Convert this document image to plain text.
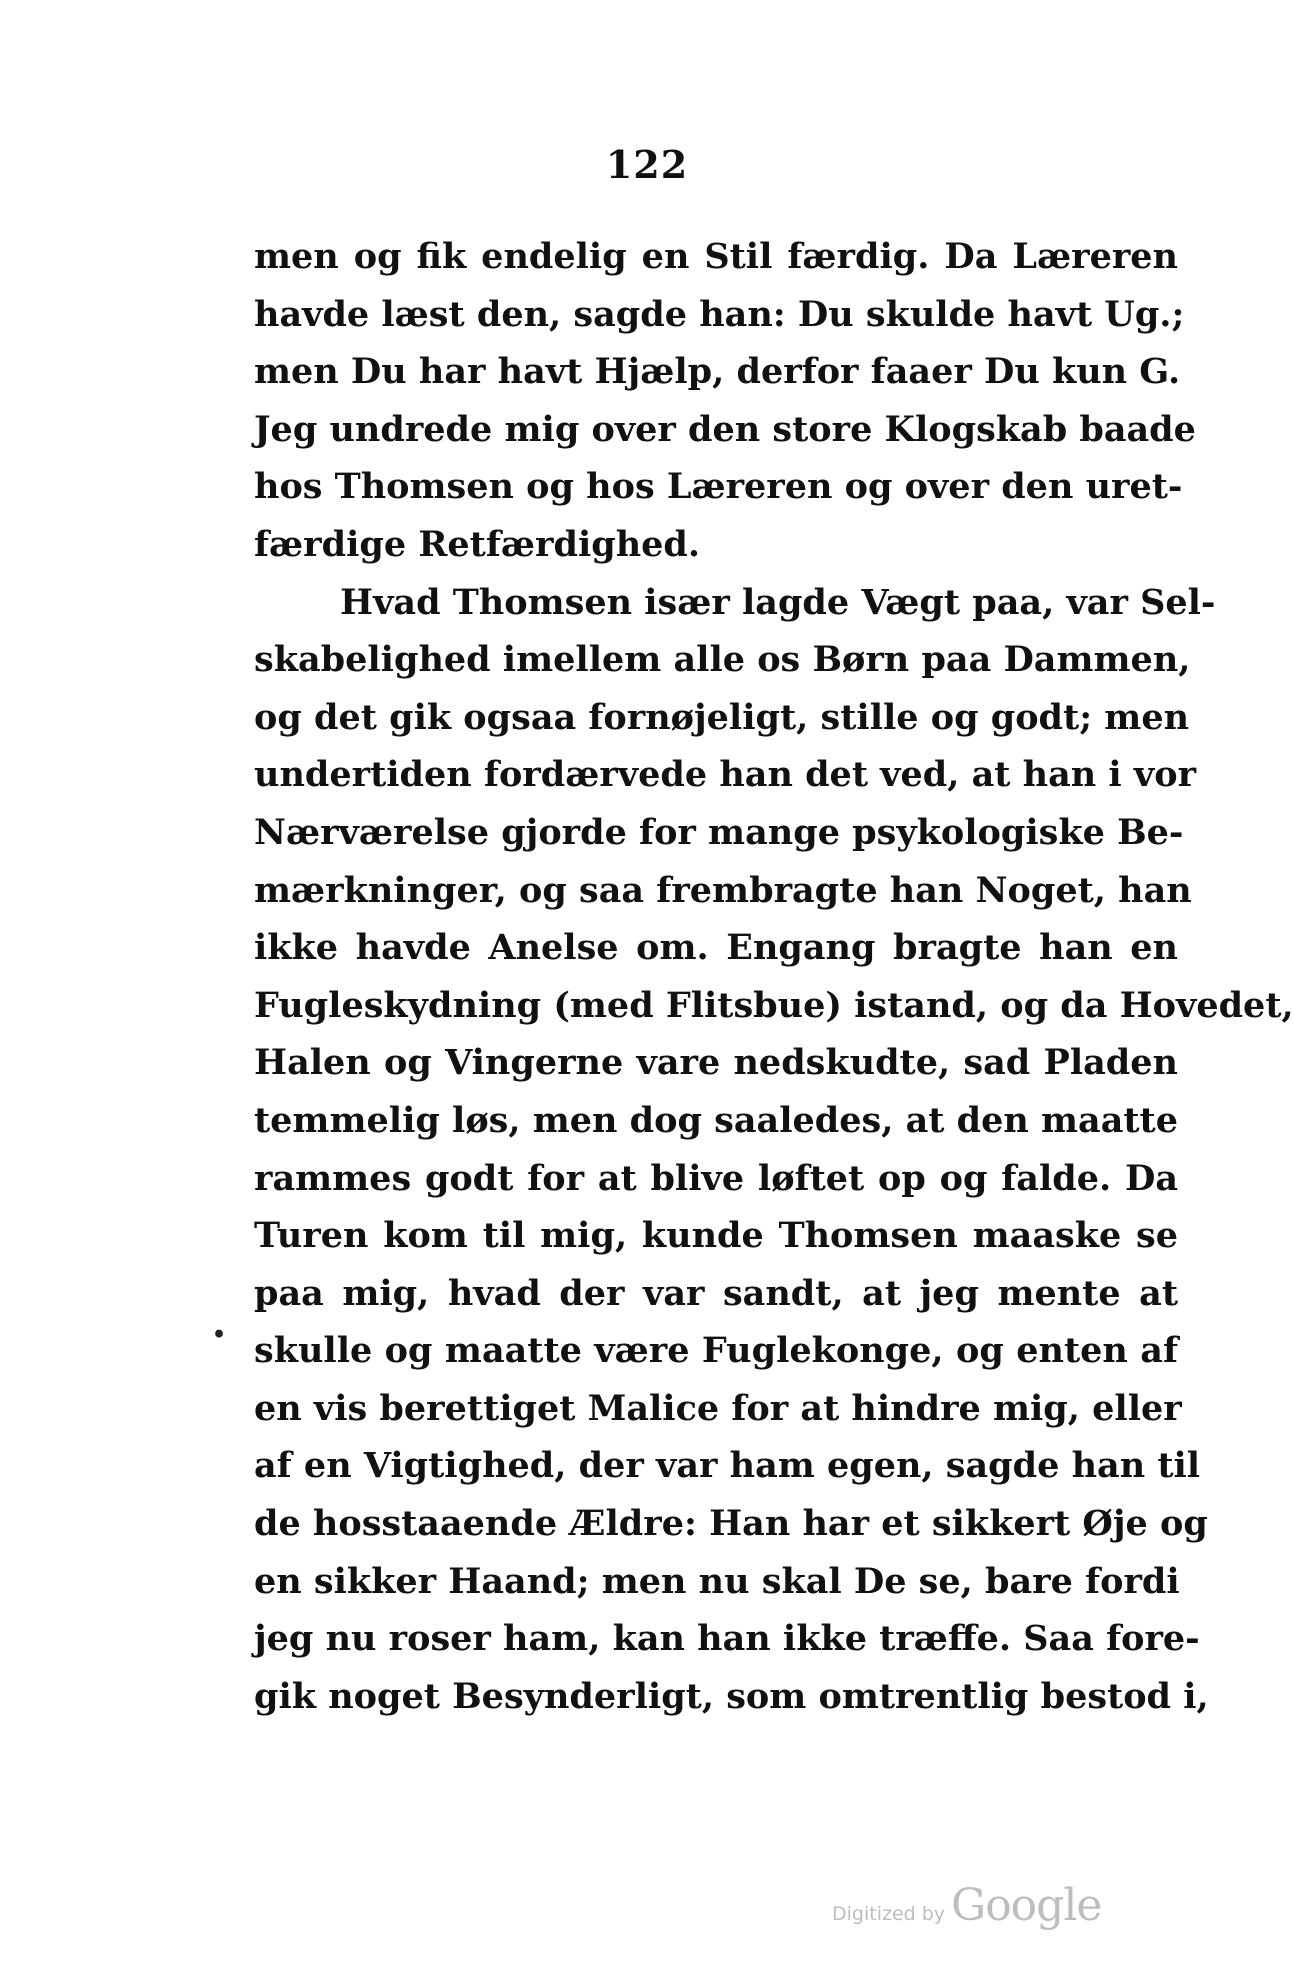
122
men og fik endelig en Stil færdig. Da Læreren
havde læst den, sagde han: Du skulde havt Ug.;
men Du har havt Hjælp, derfor faaer Du kun G.
Jeg undrede mig over den store Klogskab baade
hos Thomsen og hos Læreren og over den uret-
færdige Retfærdighed.
Hvad Thomsen især lagde Vægt paa, var Sel-
skabelighed imellem alle os Børn paa Dammen,
og det gik ogsaa fornøjeligt, stille og godt; men
undertiden fordærvede han det ved, at han i vor
Nærværelse gjorde for mange psykologiske Be-
mærkninger, og saa frembragte han Noget, han
ikke havde Anelse om. Engang bragte han en
Fugleskydning (med Flitsbue) istand, og da Hovedet,
Halen og Vingerne vare nedskudte, sad Pladen
temmelig løs, men dog saaledes, at den maatte
rammes godt for at blive løftet op og falde. Da
Turen kom til mig, kunde Thomsen maaske se
paa mig, hvad der var sandt, at jeg mente at
skulle og maatte være Fuglekonge, og enten af
en vis berettiget Malice for at hindre mig, eller
af en Vigtighed, der var ham egen, sagde han til
de hosstaaende Ældre: Han har et sikkert Øje og
en sikker Haand; men nu skal De se, bare fordi
jeg nu roser ham, kan han ikke træffe. Saa fore-
gik noget Besynderligt, som omtrentlig bestod i,
•
Digitized by Google
